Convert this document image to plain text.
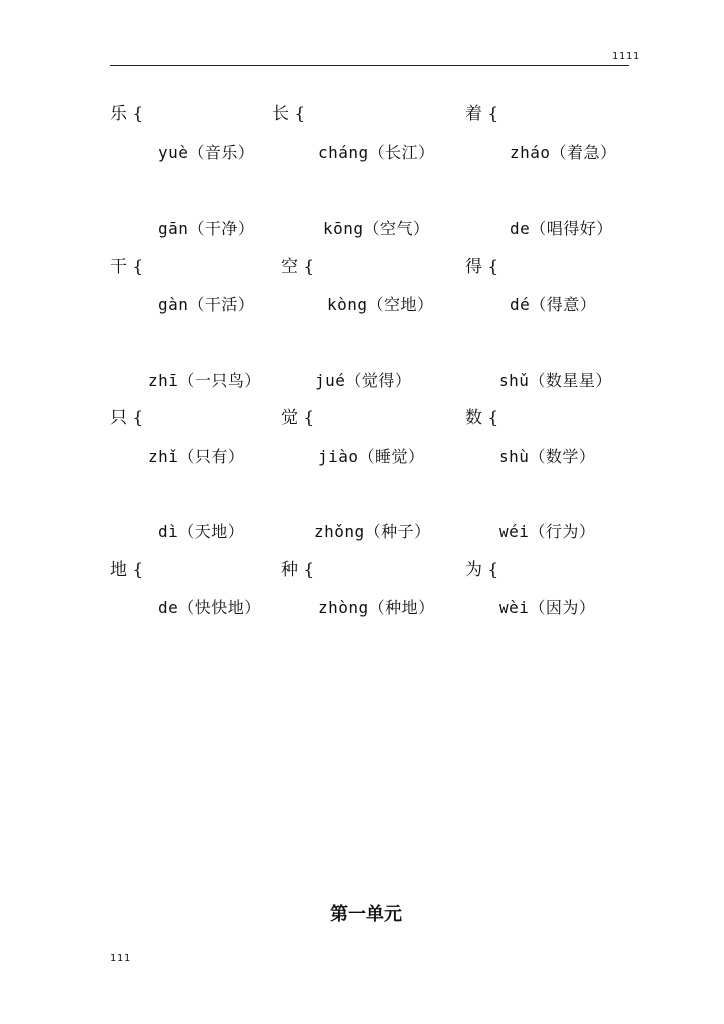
1111
乐 {
yuè（音乐）
长 {
cháng（长江）
着 {
zháo（着急）
gān（干净）
干 {
gàn（干活）
kōng（空气）
空 {
kòng（空地）
de（唱得好）
得 {
dé（得意）
zhī（一只鸟）
只 {
zhǐ（只有）
jué（觉得）
觉 {
jiào（睡觉）
shǔ（数星星）
数 {
shù（数学）
dì（天地）
地 {
de（快快地）
zhǒng（种子）
种 {
zhòng（种地）
wéi（行为）
为 {
wèi（因为）
第一单元
111
